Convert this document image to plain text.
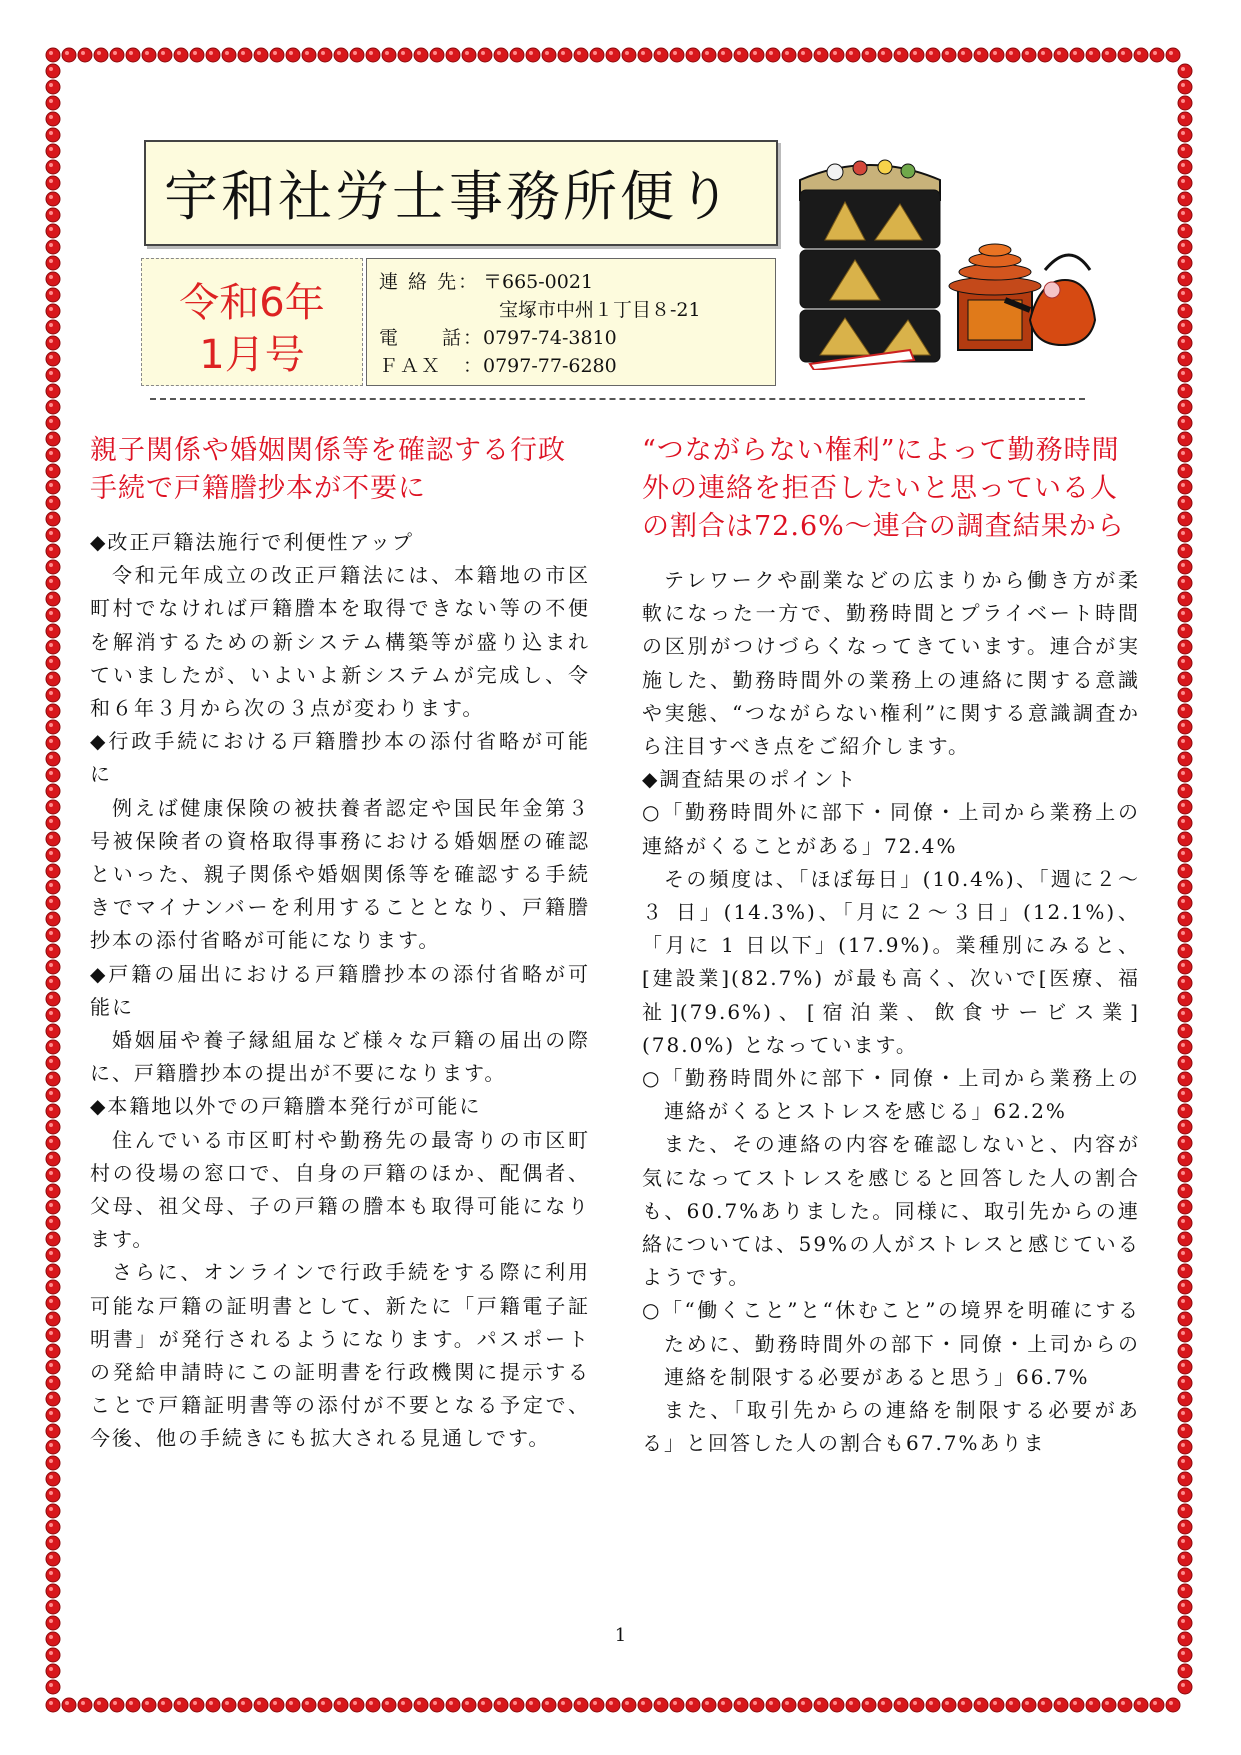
宇和社労士事務所便り
令和6年
1月号
連 絡 先： 〒665-0021
宝塚市中州１丁目８-21
電　　話：0797-74-3810
ＦＡＸ　：0797-77-6280
親子関係や婚姻関係等を確認する行政手続で戸籍謄抄本が不要に

◆改正戸籍法施行で利便性アップ

令和元年成立の改正戸籍法には、本籍地の市区町村でなければ戸籍謄本を取得できない等の不便を解消するための新システム構築等が盛り込まれていましたが、いよいよ新システムが完成し、令和６年３月から次の３点が変わります。

◆行政手続における戸籍謄抄本の添付省略が可能に

例えば健康保険の被扶養者認定や国民年金第３号被保険者の資格取得事務における婚姻歴の確認といった、親子関係や婚姻関係等を確認する手続きでマイナンバーを利用することとなり、戸籍謄抄本の添付省略が可能になります。

◆戸籍の届出における戸籍謄抄本の添付省略が可能に

婚姻届や養子縁組届など様々な戸籍の届出の際に、戸籍謄抄本の提出が不要になります。

◆本籍地以外での戸籍謄本発行が可能に

住んでいる市区町村や勤務先の最寄りの市区町村の役場の窓口で、自身の戸籍のほか、配偶者、父母、祖父母、子の戸籍の謄本も取得可能になります。

さらに、オンラインで行政手続をする際に利用可能な戸籍の証明書として、新たに「戸籍電子証明書」が発行されるようになります。パスポートの発給申請時にこの証明書を行政機関に提示することで戸籍証明書等の添付が不要となる予定で、今後、他の手続きにも拡大される見通しです。

“つながらない権利”によって勤務時間外の連絡を拒否したいと思っている人の割合は72.6%～連合の調査結果から

テレワークや副業などの広まりから働き方が柔軟になった一方で、勤務時間とプライベート時間の区別がつけづらくなってきています。連合が実施した、勤務時間外の業務上の連絡に関する意識や実態、“つながらない権利”に関する意識調査から注目すべき点をご紹介します。

◆調査結果のポイント

○「勤務時間外に部下・同僚・上司から業務上の連絡がくることがある」72.4%

その頻度は、「ほぼ毎日」(10.4%)、「週に２～３ 日」(14.3%)、「月に２～３日」(12.1%)、「月に 1 日以下」(17.9%)。業種別にみると、[建設業](82.7%) が最も高く、次いで[医療、福祉](79.6%)、[宿泊業、飲食サービス業](78.0%) となっています。

○「勤務時間外に部下・同僚・上司から業務上の連絡がくるとストレスを感じる」62.2%

また、その連絡の内容を確認しないと、内容が気になってストレスを感じると回答した人の割合も、60.7%ありました。同様に、取引先からの連絡については、59%の人がストレスと感じているようです。

○「“働くこと”と“休むこと”の境界を明確にするために、勤務時間外の部下・同僚・上司からの連絡を制限する必要があると思う」66.7%

また、「取引先からの連絡を制限する必要がある」と回答した人の割合も67.7%ありま

1
